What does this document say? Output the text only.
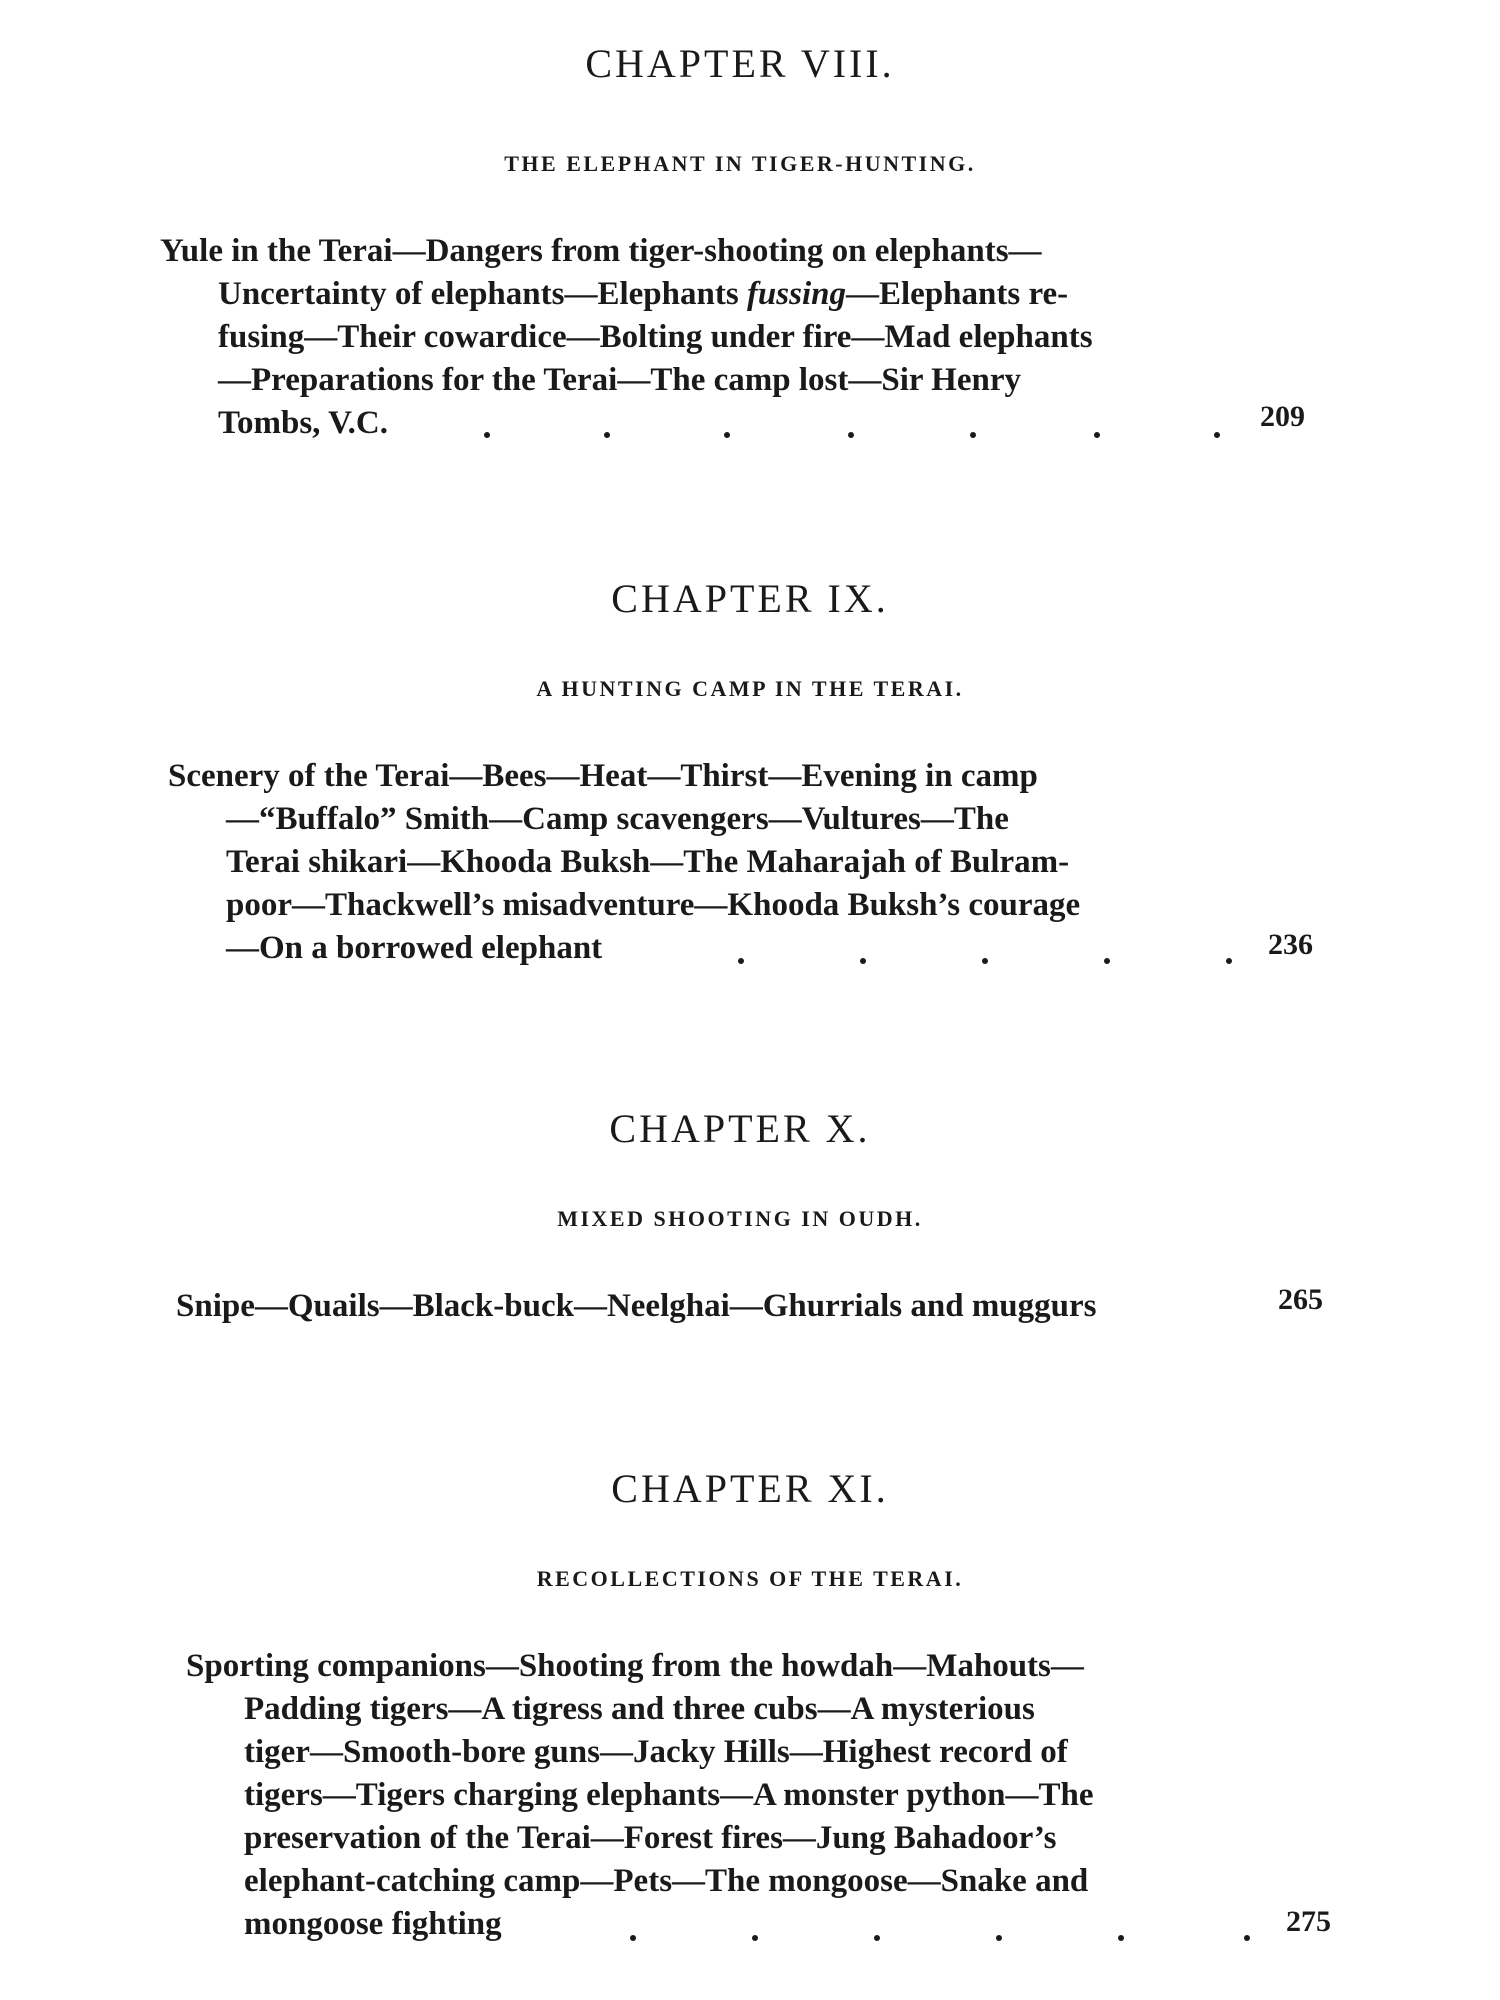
CHAPTER VIII.
THE ELEPHANT IN TIGER-HUNTING.
Yule in the Terai—Dangers from tiger-shooting on elephants—
Uncertainty of elephants—Elephants fussing—Elephants re-
fusing—Their cowardice—Bolting under fire—Mad elephants
—Preparations for the Terai—The camp lost—Sir Henry
Tombs, V.C.	209
CHAPTER IX.
A HUNTING CAMP IN THE TERAI.
Scenery of the Terai—Bees—Heat—Thirst—Evening in camp
—“Buffalo” Smith—Camp scavengers—Vultures—The
Terai shikari—Khooda Buksh—The Maharajah of Bulram-
poor—Thackwell’s misadventure—Khooda Buksh’s courage
—On a borrowed elephant	236
CHAPTER X.
MIXED SHOOTING IN OUDH.
Snipe—Quails—Black-buck—Neelghai—Ghurrials and muggurs	265
CHAPTER XI.
RECOLLECTIONS OF THE TERAI.
Sporting companions—Shooting from the howdah—Mahouts—
Padding tigers—A tigress and three cubs—A mysterious
tiger—Smooth-bore guns—Jacky Hills—Highest record of
tigers—Tigers charging elephants—A monster python—The
preservation of the Terai—Forest fires—Jung Bahadoor’s
elephant-catching camp—Pets—The mongoose—Snake and
mongoose fighting	275
